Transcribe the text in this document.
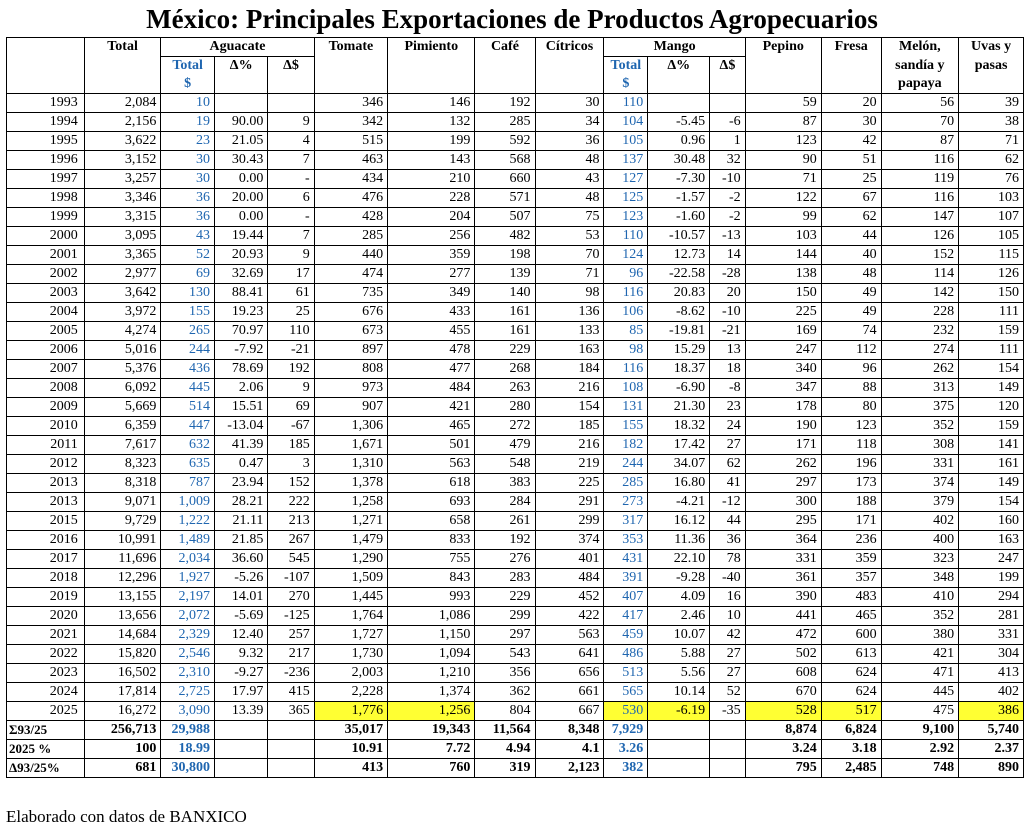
México: Principales Exportaciones de Productos Agropecuarios
	Total	Aguacate			Tomate	Pimiento	Café	Cítricos	Mango			Pepino	Fresa	Melón,	Uvas y
		Total	Δ%	Δ$					Total	Δ%	Δ$			sandía y	pasas
		$							$					papaya	
1993	2,084	10			346	146	192	30	110			59	20	56	39
1994	2,156	19	90.00	9	342	132	285	34	104	-5.45	-6	87	30	70	38
1995	3,622	23	21.05	4	515	199	592	36	105	0.96	1	123	42	87	71
1996	3,152	30	30.43	7	463	143	568	48	137	30.48	32	90	51	116	62
1997	3,257	30	0.00	-	434	210	660	43	127	-7.30	-10	71	25	119	76
1998	3,346	36	20.00	6	476	228	571	48	125	-1.57	-2	122	67	116	103
1999	3,315	36	0.00	-	428	204	507	75	123	-1.60	-2	99	62	147	107
2000	3,095	43	19.44	7	285	256	482	53	110	-10.57	-13	103	44	126	105
2001	3,365	52	20.93	9	440	359	198	70	124	12.73	14	144	40	152	115
2002	2,977	69	32.69	17	474	277	139	71	96	-22.58	-28	138	48	114	126
2003	3,642	130	88.41	61	735	349	140	98	116	20.83	20	150	49	142	150
2004	3,972	155	19.23	25	676	433	161	136	106	-8.62	-10	225	49	228	111
2005	4,274	265	70.97	110	673	455	161	133	85	-19.81	-21	169	74	232	159
2006	5,016	244	-7.92	-21	897	478	229	163	98	15.29	13	247	112	274	111
2007	5,376	436	78.69	192	808	477	268	184	116	18.37	18	340	96	262	154
2008	6,092	445	2.06	9	973	484	263	216	108	-6.90	-8	347	88	313	149
2009	5,669	514	15.51	69	907	421	280	154	131	21.30	23	178	80	375	120
2010	6,359	447	-13.04	-67	1,306	465	272	185	155	18.32	24	190	123	352	159
2011	7,617	632	41.39	185	1,671	501	479	216	182	17.42	27	171	118	308	141
2012	8,323	635	0.47	3	1,310	563	548	219	244	34.07	62	262	196	331	161
2013	8,318	787	23.94	152	1,378	618	383	225	285	16.80	41	297	173	374	149
2013	9,071	1,009	28.21	222	1,258	693	284	291	273	-4.21	-12	300	188	379	154
2015	9,729	1,222	21.11	213	1,271	658	261	299	317	16.12	44	295	171	402	160
2016	10,991	1,489	21.85	267	1,479	833	192	374	353	11.36	36	364	236	400	163
2017	11,696	2,034	36.60	545	1,290	755	276	401	431	22.10	78	331	359	323	247
2018	12,296	1,927	-5.26	-107	1,509	843	283	484	391	-9.28	-40	361	357	348	199
2019	13,155	2,197	14.01	270	1,445	993	229	452	407	4.09	16	390	483	410	294
2020	13,656	2,072	-5.69	-125	1,764	1,086	299	422	417	2.46	10	441	465	352	281
2021	14,684	2,329	12.40	257	1,727	1,150	297	563	459	10.07	42	472	600	380	331
2022	15,820	2,546	9.32	217	1,730	1,094	543	641	486	5.88	27	502	613	421	304
2023	16,502	2,310	-9.27	-236	2,003	1,210	356	656	513	5.56	27	608	624	471	413
2024	17,814	2,725	17.97	415	2,228	1,374	362	661	565	10.14	52	670	624	445	402
2025	16,272	3,090	13.39	365	1,776	1,256	804	667	530	-6.19	-35	528	517	475	386
Σ93/25	256,713	29,988			35,017	19,343	11,564	8,348	7,929			8,874	6,824	9,100	5,740
2025 %	100	18.99			10.91	7.72	4.94	4.1	3.26			3.24	3.18	2.92	2.37
Δ93/25%	681	30,800			413	760	319	2,123	382			795	2,485	748	890
Elaborado con datos de BANXICO
